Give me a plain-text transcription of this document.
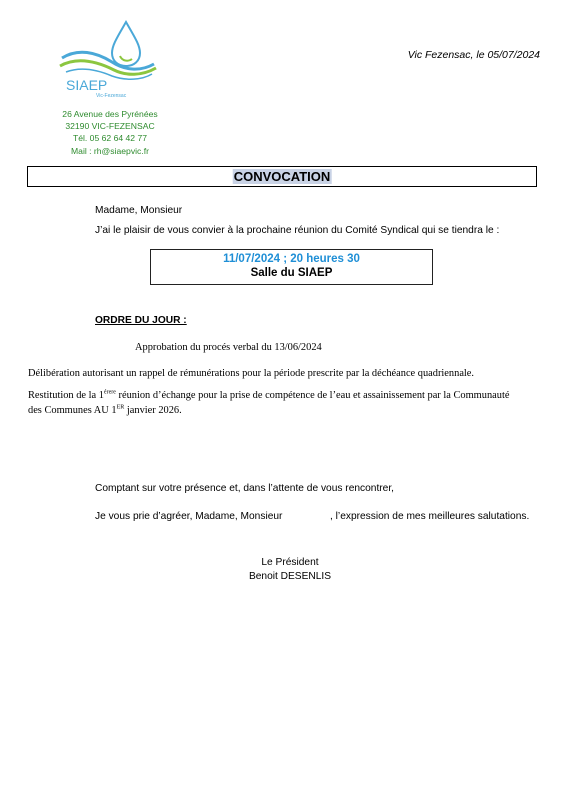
SIAEP
Vic-Fezensac
26 Avenue des Pyrénées
32190 VIC-FEZENSAC
Tél. 05 62 64 42 77
Mail : rh@siaepvic.fr
Vic Fezensac, le 05/07/2024
CONVOCATION
Madame, Monsieur
J’ai le plaisir de vous convier à la prochaine réunion du Comité Syndical qui se tiendra le :
11/07/2024 ; 20 heures 30
Salle du SIAEP
ORDRE DU JOUR :
Approbation du procés verbal du 13/06/2024
Délibération autorisant un rappel de rémunérations pour la période prescrite par la déchéance quadriennale.
Restitution de la $1^{érere}$ réunion d’échange pour la prise de compétence de l’eau et assainissement par la Communauté
des Communes AU 1ER janvier 2026.
Comptant sur votre présence et, dans l’attente de vous rencontrer,
Je vous prie d’agréer, Madame, Monsieur	, l’expression de mes meilleures salutations.
Le Président
Benoit DESENLIS
